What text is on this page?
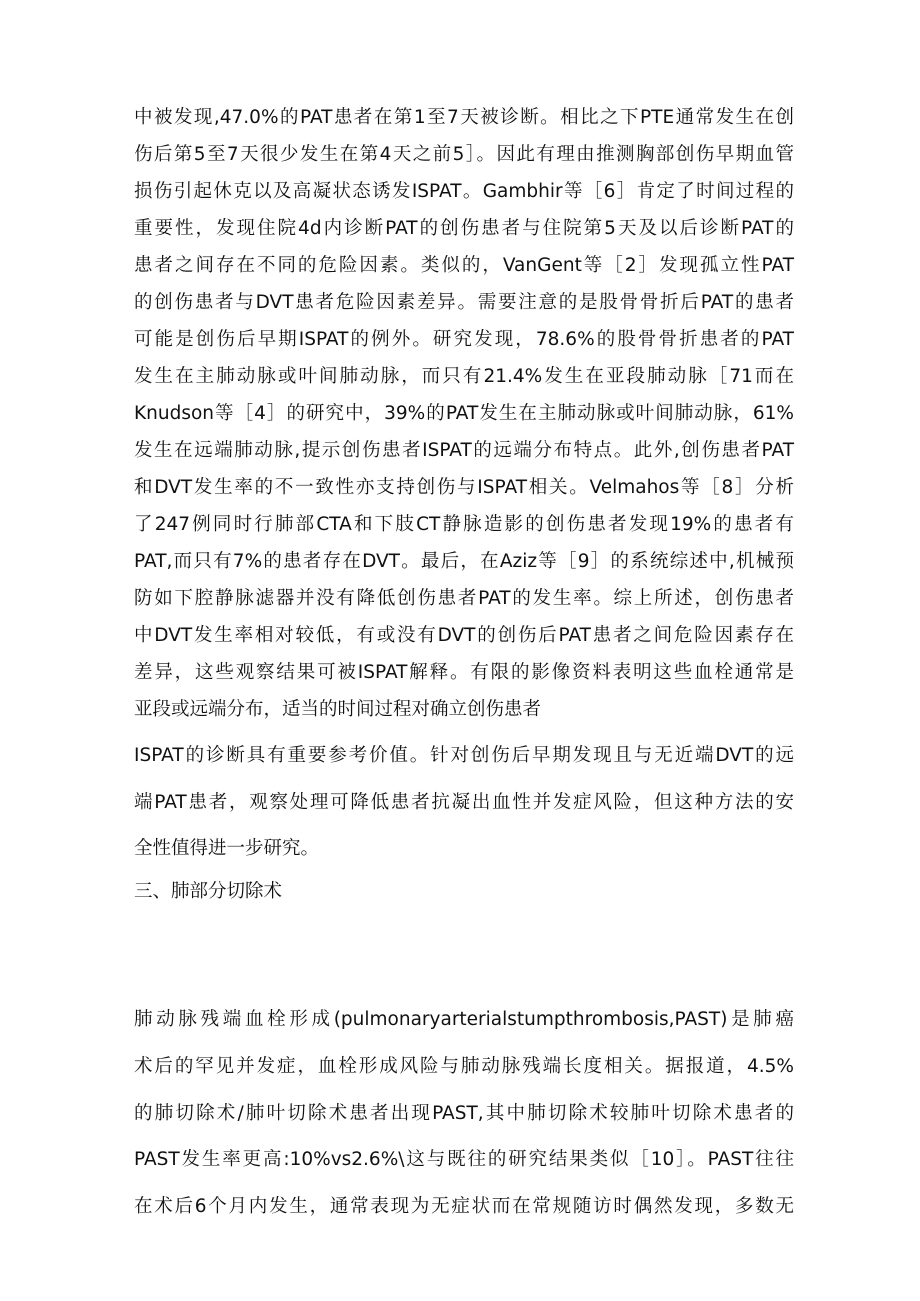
中被发现,47.0%的PAT患者在第1至7天被诊断。相比之下PTE通常发生在创
伤后第5至7天很少发生在第4天之前5］。因此有理由推测胸部创伤早期血管
损伤引起休克以及高凝状态诱发ISPAT。Gambhir等［6］肯定了时间过程的
重要性，发现住院4d内诊断PAT的创伤患者与住院第5天及以后诊断PAT的
患者之间存在不同的危险因素。类似的，VanGent等［2］发现孤立性PAT
的创伤患者与DVT患者危险因素差异。需要注意的是股骨骨折后PAT的患者
可能是创伤后早期ISPAT的例外。研究发现，78.6%的股骨骨折患者的PAT
发生在主肺动脉或叶间肺动脉，而只有21.4%发生在亚段肺动脉［71而在
Knudson等［4］的研究中，39%的PAT发生在主肺动脉或叶间肺动脉，61%
发生在远端肺动脉,提示创伤患者ISPAT的远端分布特点。此外,创伤患者PAT
和DVT发生率的不一致性亦支持创伤与ISPAT相关。Velmahos等［8］分析
了247例同时行肺部CTA和下肢CT静脉造影的创伤患者发现19%的患者有
PAT,而只有7%的患者存在DVT。最后，在Aziz等［9］的系统综述中,机械预
防如下腔静脉滤器并没有降低创伤患者PAT的发生率。综上所述，创伤患者
中DVT发生率相对较低，有或没有DVT的创伤后PAT患者之间危险因素存在
差异，这些观察结果可被ISPAT解释。有限的影像资料表明这些血栓通常是
亚段或远端分布，适当的时间过程对确立创伤患者
ISPAT的诊断具有重要参考价值。针对创伤后早期发现且与无近端DVT的远
端PAT患者，观察处理可降低患者抗凝出血性并发症风险，但这种方法的安
全性值得进一步研究。
三、肺部分切除术
肺动脉残端血栓形成(pulmonaryarterialstumpthrombosis,PAST)是肺癌
术后的罕见并发症，血栓形成风险与肺动脉残端长度相关。据报道，4.5%
的肺切除术/肺叶切除术患者出现PAST,其中肺切除术较肺叶切除术患者的
PAST发生率更高:10%vs2.6%\这与既往的研究结果类似［10］。PAST往往
在术后6个月内发生，通常表现为无症状而在常规随访时偶然发现，多数无
